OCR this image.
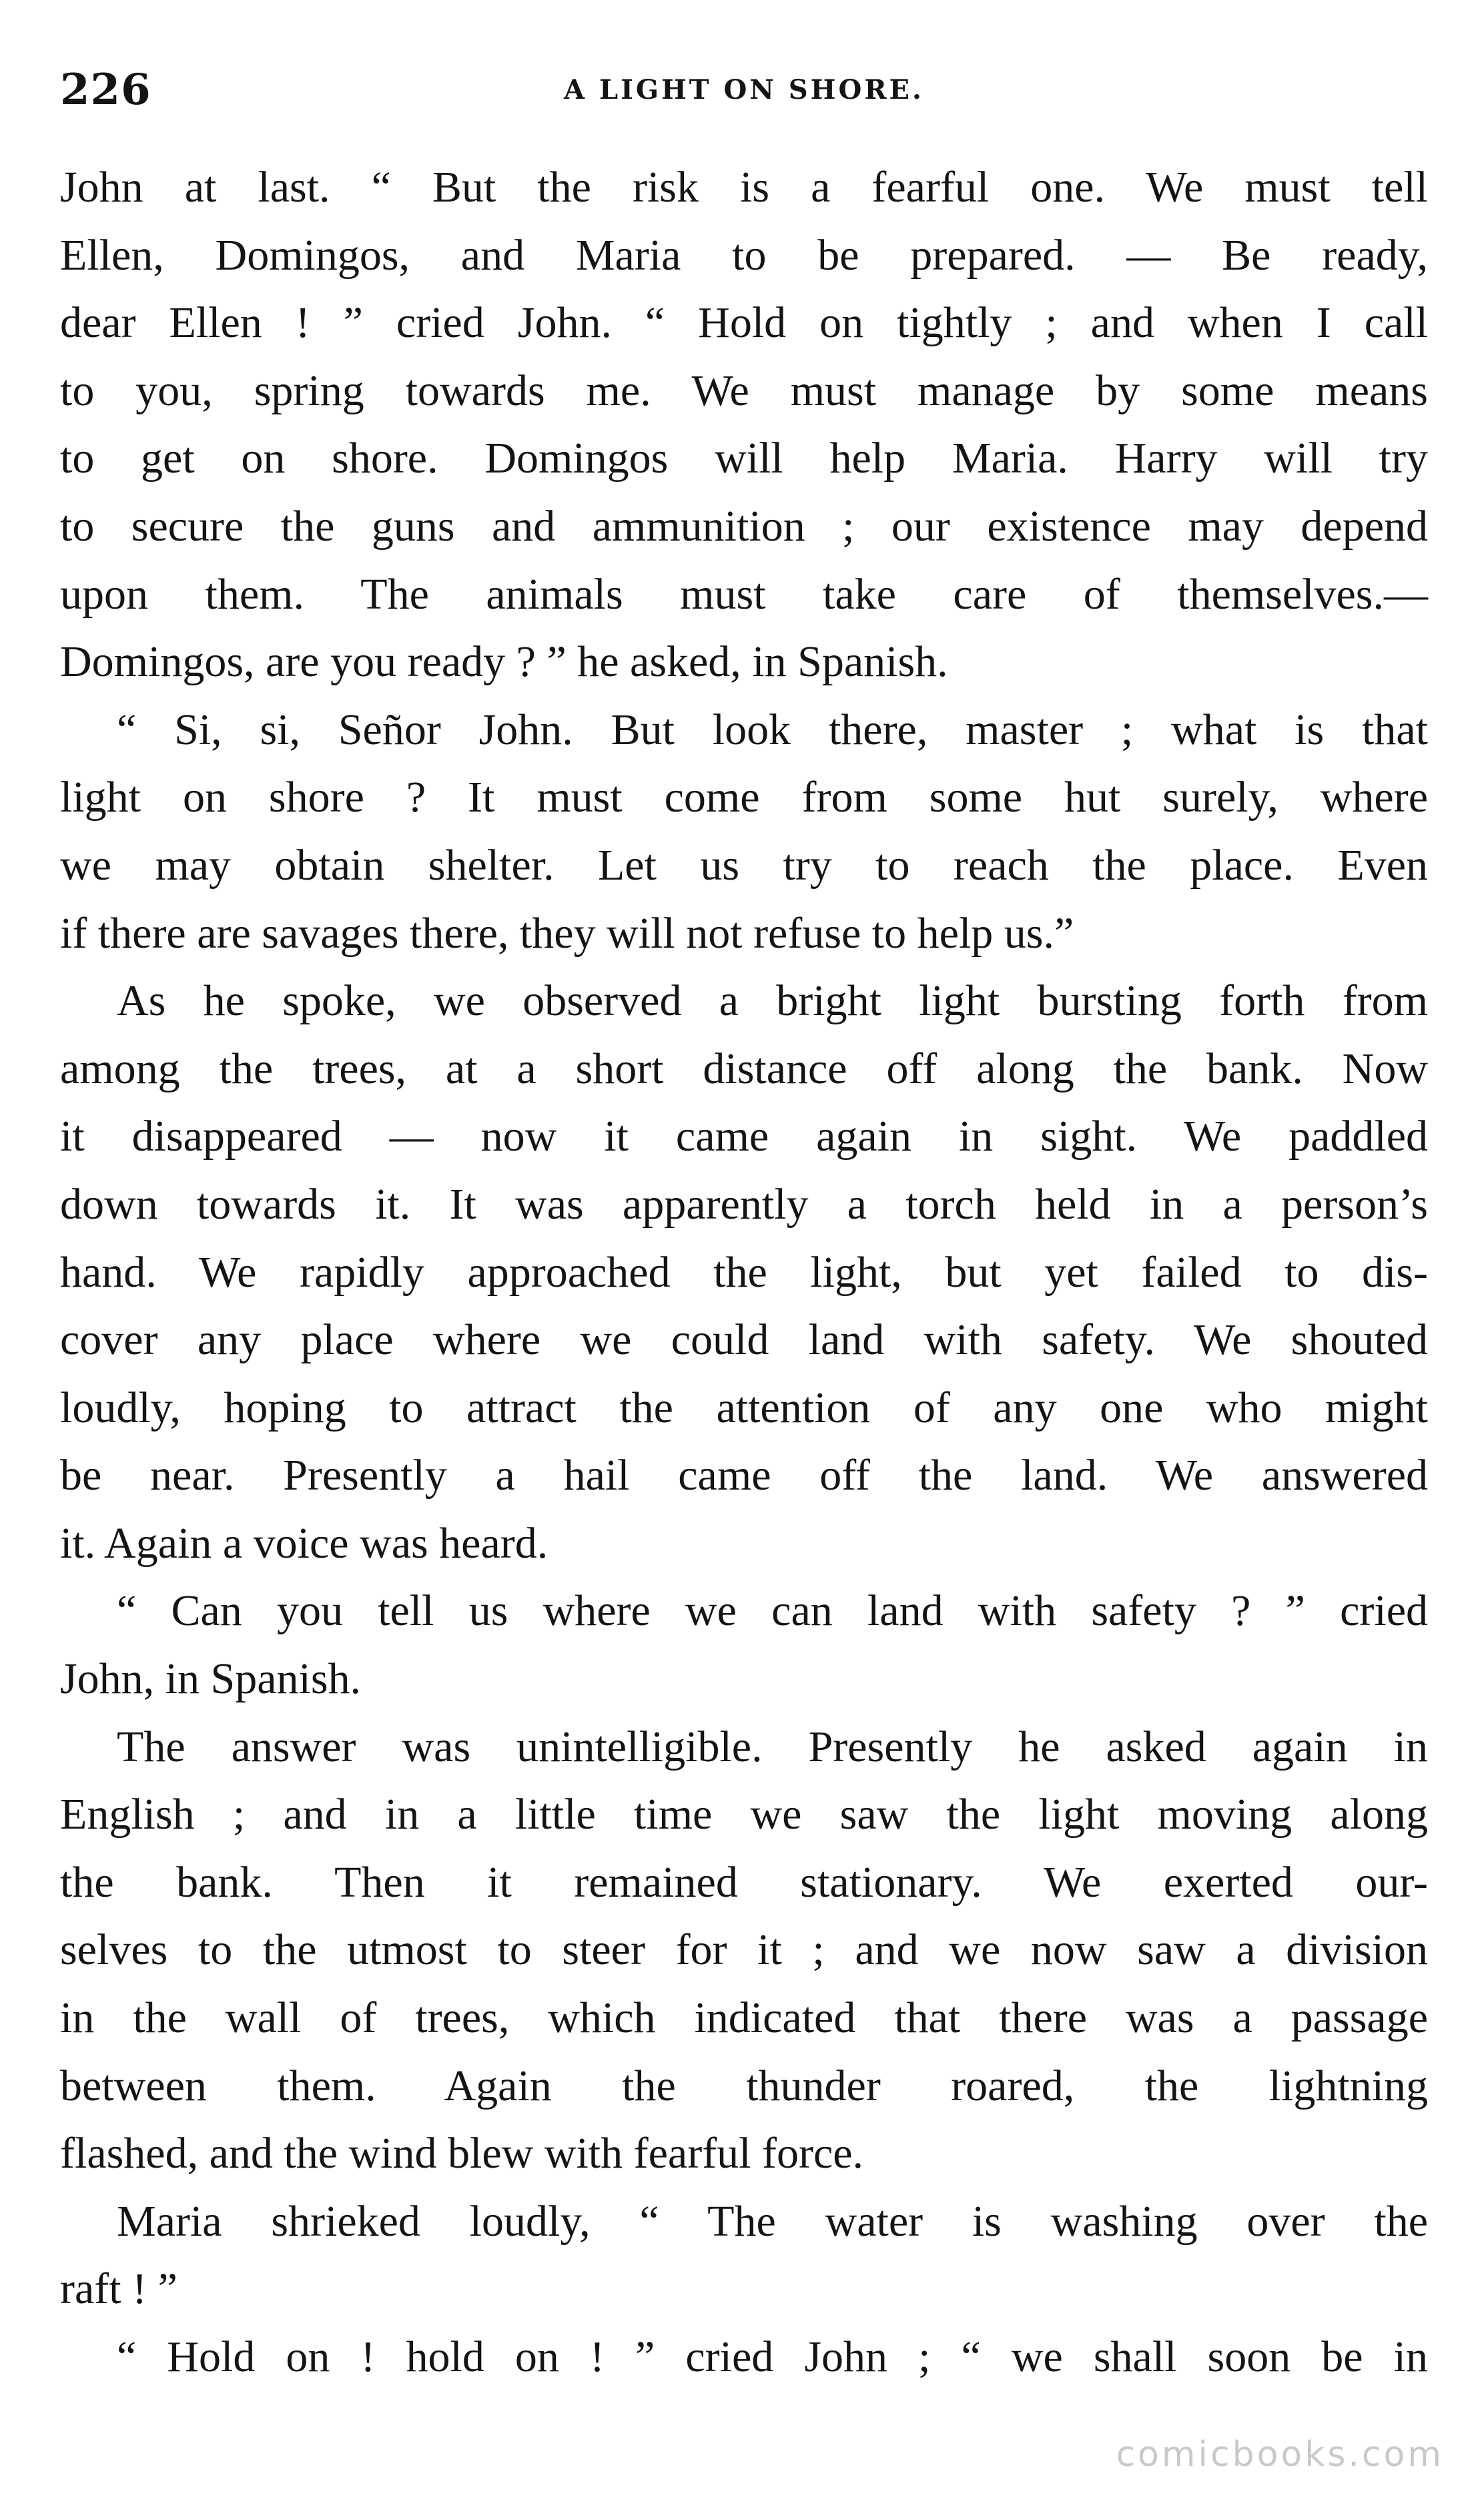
226	A LIGHT ON SHORE.
John at last. “ But the risk is a fearful one. We must tell
Ellen, Domingos, and Maria to be prepared. — Be ready,
dear Ellen ! ” cried John. “ Hold on tightly ; and when I call
to you, spring towards me. We must manage by some means
to get on shore. Domingos will help Maria. Harry will try
to secure the guns and ammunition ; our existence may depend
upon them. The animals must take care of themselves.—
Domingos, are you ready ? ” he asked, in Spanish.
“ Si, si, Señor John. But look there, master ; what is that
light on shore ? It must come from some hut surely, where
we may obtain shelter. Let us try to reach the place. Even
if there are savages there, they will not refuse to help us.”
As he spoke, we observed a bright light bursting forth from
among the trees, at a short distance off along the bank. Now
it disappeared — now it came again in sight. We paddled
down towards it. It was apparently a torch held in a person’s
hand. We rapidly approached the light, but yet failed to dis-
cover any place where we could land with safety. We shouted
loudly, hoping to attract the attention of any one who might
be near. Presently a hail came off the land. We answered
it. Again a voice was heard.
“ Can you tell us where we can land with safety ? ” cried
John, in Spanish.
The answer was unintelligible. Presently he asked again in
English ; and in a little time we saw the light moving along
the bank. Then it remained stationary. We exerted our-
selves to the utmost to steer for it ; and we now saw a division
in the wall of trees, which indicated that there was a passage
between them. Again the thunder roared, the lightning
flashed, and the wind blew with fearful force.
Maria shrieked loudly, “ The water is washing over the
raft ! ”
“ Hold on ! hold on ! ” cried John ; “ we shall soon be in
comicbooks.com
